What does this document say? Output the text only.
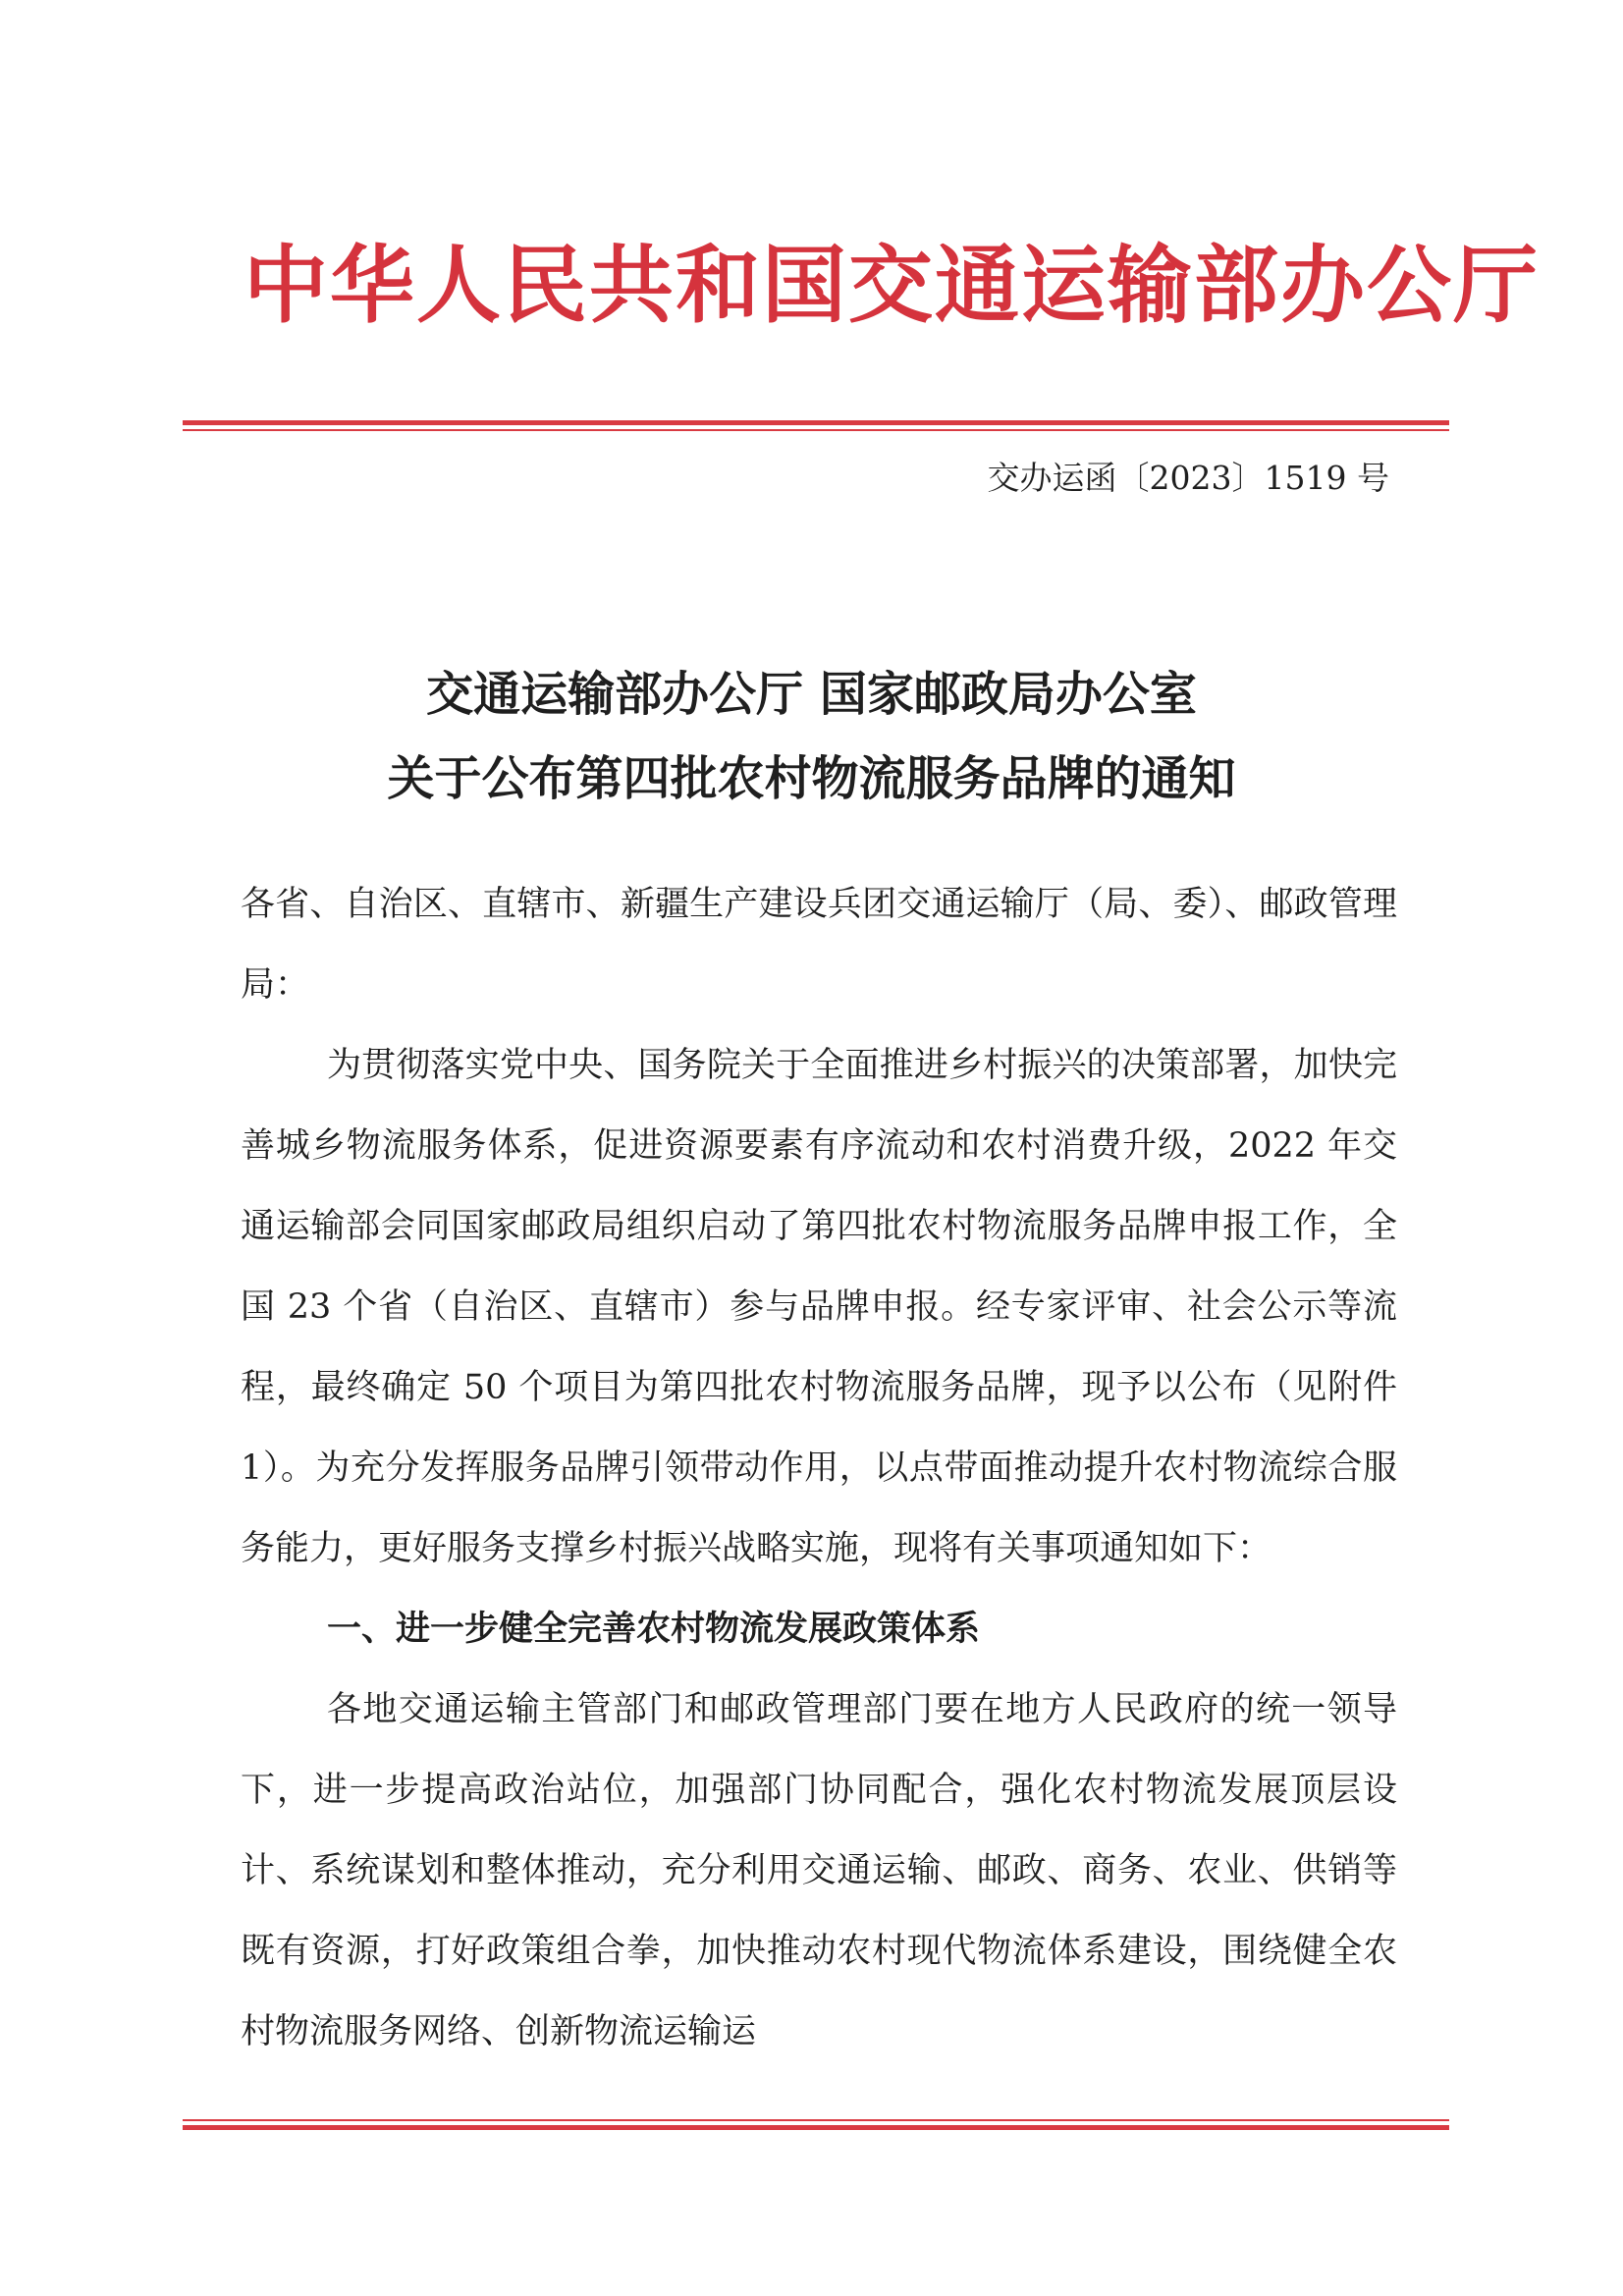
中华人民共和国交通运输部办公厅
交办运函〔2023〕1519 号
交通运输部办公厅 国家邮政局办公室
关于公布第四批农村物流服务品牌的通知

各省、自治区、直辖市、新疆生产建设兵团交通运输厅（局、委）、邮政管理局：

为贯彻落实党中央、国务院关于全面推进乡村振兴的决策部署，加快完善城乡物流服务体系，促进资源要素有序流动和农村消费升级，2022 年交通运输部会同国家邮政局组织启动了第四批农村物流服务品牌申报工作，全国 23 个省（自治区、直辖市）参与品牌申报。经专家评审、社会公示等流程，最终确定 50 个项目为第四批农村物流服务品牌，现予以公布（见附件 1）。为充分发挥服务品牌引领带动作用，以点带面推动提升农村物流综合服务能力，更好服务支撑乡村振兴战略实施，现将有关事项通知如下：

一、进一步健全完善农村物流发展政策体系

各地交通运输主管部门和邮政管理部门要在地方人民政府的统一领导下，进一步提高政治站位，加强部门协同配合，强化农村物流发展顶层设计、系统谋划和整体推动，充分利用交通运输、邮政、商务、农业、供销等既有资源，打好政策组合拳，加快推动农村现代物流体系建设，围绕健全农村物流服务网络、创新物流运输运
